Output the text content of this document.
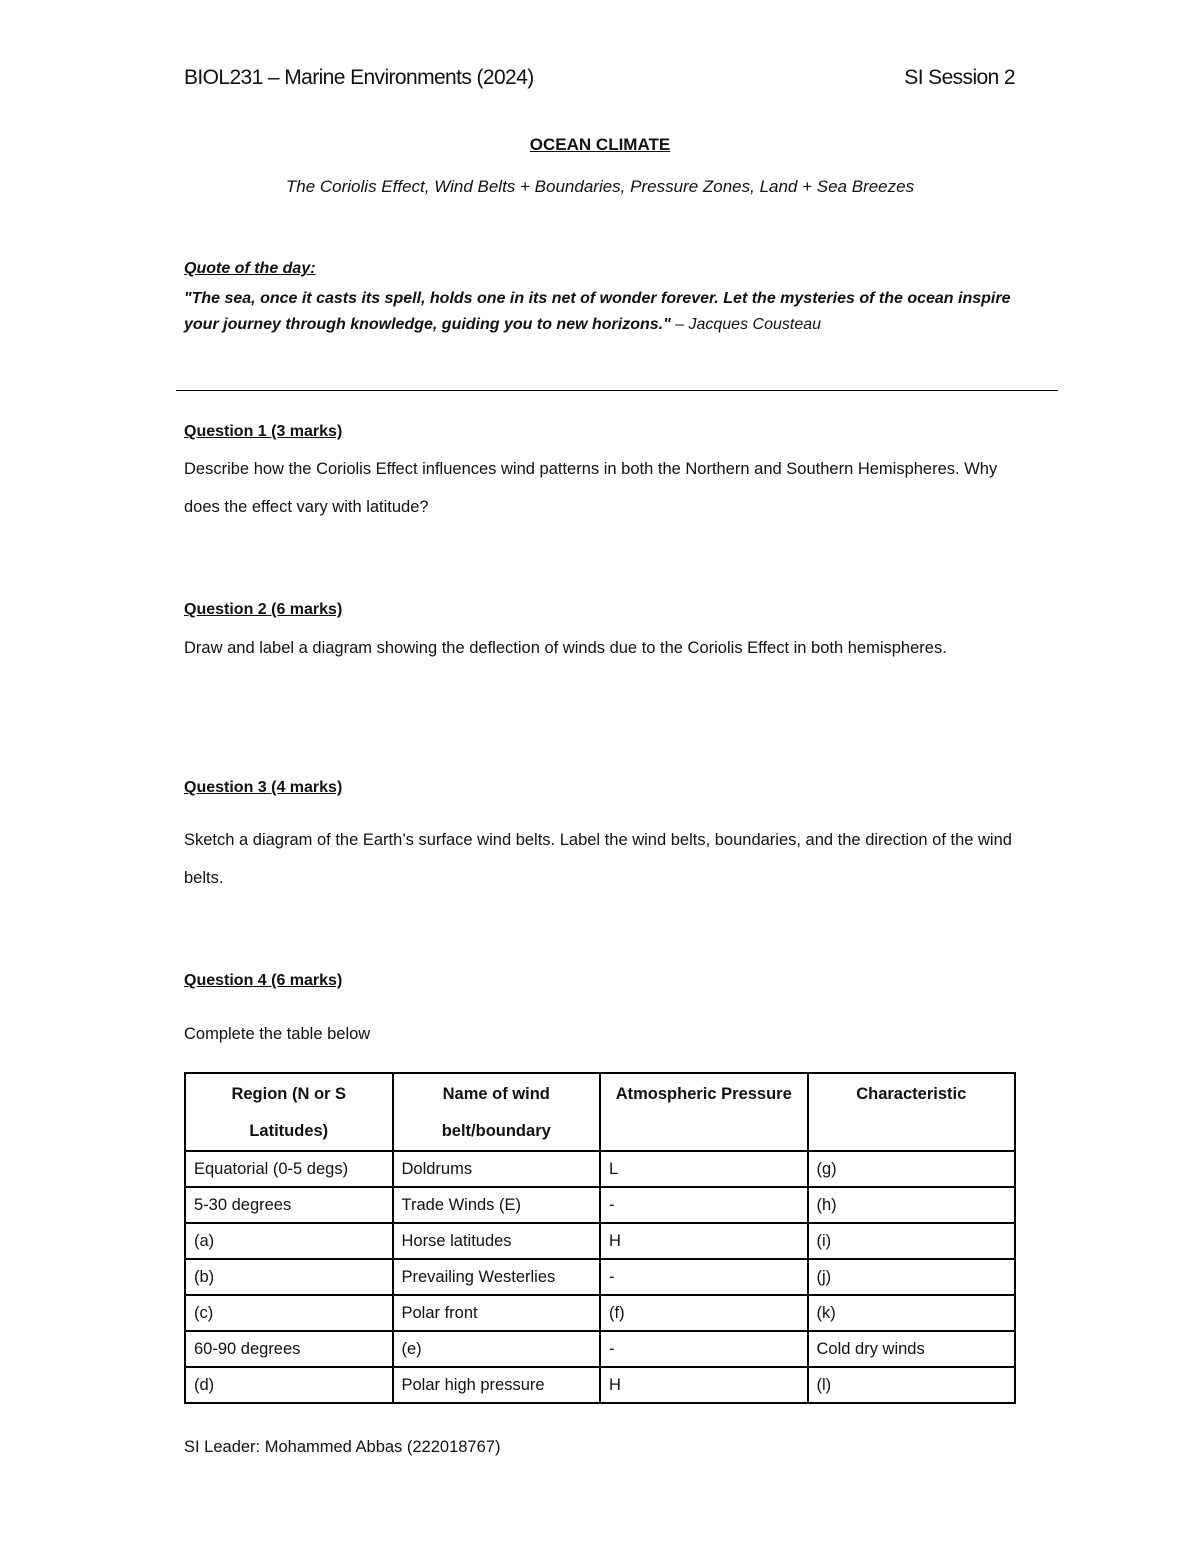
BIOL231 – Marine Environments (2024)	SI Session 2
OCEAN CLIMATE
The Coriolis Effect, Wind Belts + Boundaries, Pressure Zones, Land + Sea Breezes
Quote of the day:
"The sea, once it casts its spell, holds one in its net of wonder forever. Let the mysteries of the ocean inspire your journey through knowledge, guiding you to new horizons." – Jacques Cousteau
Question 1 (3 marks)
Describe how the Coriolis Effect influences wind patterns in both the Northern and Southern Hemispheres. Why does the effect vary with latitude?
Question 2 (6 marks)
Draw and label a diagram showing the deflection of winds due to the Coriolis Effect in both hemispheres.
Question 3 (4 marks)
Sketch a diagram of the Earth’s surface wind belts. Label the wind belts, boundaries, and the direction of the wind belts.
Question 4 (6 marks)
Complete the table below
Region (N or S Latitudes)	Name of wind belt/boundary	Atmospheric Pressure	Characteristic
Equatorial (0-5 degs)	Doldrums	L	(g)
5-30 degrees	Trade Winds (E)	-	(h)
(a)	Horse latitudes	H	(i)
(b)	Prevailing Westerlies	-	(j)
(c)	Polar front	(f)	(k)
60-90 degrees	(e)	-	Cold dry winds
(d)	Polar high pressure	H	(l)
SI Leader: Mohammed Abbas (222018767)
